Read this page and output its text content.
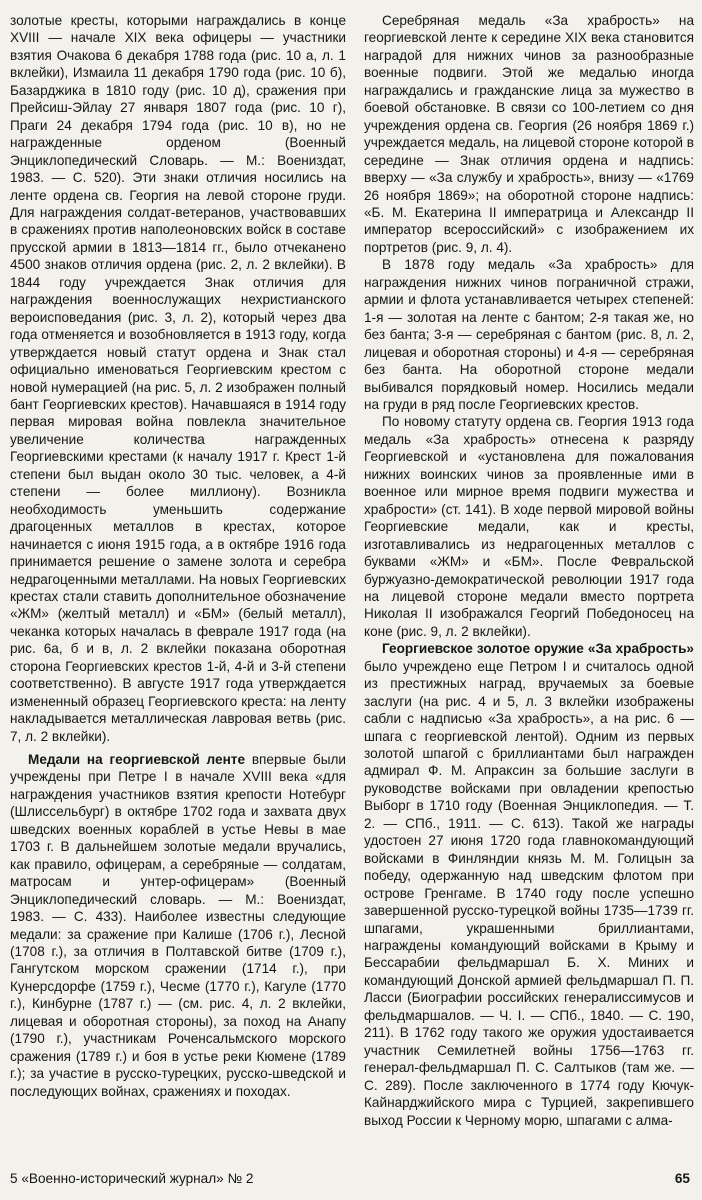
золотые кресты, которыми награждались в конце XVIII — начале XIX века офицеры — участники взятия Очакова 6 декабря 1788 года (рис. 10 а, л. 1 вклейки), Измаила 11 декабря 1790 года (рис. 10 б), Базарджика в 1810 году (рис. 10 д), сражения при Прейсиш-Эйлау 27 января 1807 года (рис. 10 г), Праги 24 декабря 1794 года (рис. 10 в), но не награжденные орденом (Военный Энциклопедический Словарь. — М.: Воениздат, 1983. — С. 520). Эти знаки отличия носились на ленте ордена св. Георгия на левой стороне груди. Для награждения солдат-ветеранов, участвовавших в сражениях против наполеоновских войск в составе прусской армии в 1813—1814 гг., было отчеканено 4500 знаков отличия ордена (рис. 2, л. 2 вклейки). В 1844 году учреждается Знак отличия для награждения военнослужащих нехристианского вероисповедания (рис. 3, л. 2), который через два года отменяется и возобновляется в 1913 году, когда утверждается новый статут ордена и Знак стал официально именоваться Георгиевским крестом с новой нумерацией (на рис. 5, л. 2 изображен полный бант Георгиевских крестов). Начавшаяся в 1914 году первая мировая война повлекла значительное увеличение количества награжденных Георгиевскими крестами (к началу 1917 г. Крест 1-й степени был выдан около 30 тыс. человек, а 4-й степени — более миллиону). Возникла необходимость уменьшить содержание драгоценных металлов в крестах, которое начинается с июня 1915 года, а в октябре 1916 года принимается решение о замене золота и серебра недрагоценными металлами. На новых Георгиевских крестах стали ставить дополнительное обозначение «ЖМ» (желтый металл) и «БМ» (белый металл), чеканка которых началась в феврале 1917 года (на рис. 6а, б и в, л. 2 вклейки показана оборотная сторона Георгиевских крестов 1-й, 4-й и 3-й степени соответственно). В августе 1917 года утверждается измененный образец Георгиевского креста: на ленту накладывается металлическая лавровая ветвь (рис. 7, л. 2 вклейки).

Медали на георгиевской ленте впервые были учреждены при Петре I в начале XVIII века «для награждения участников взятия крепости Нотебург (Шлиссельбург) в октябре 1702 года и захвата двух шведских военных кораблей в устье Невы в мае 1703 г. В дальнейшем золотые медали вручались, как правило, офицерам, а серебряные — солдатам, матросам и унтер-офицерам» (Военный Энциклопедический словарь. — М.: Воениздат, 1983. — С. 433). Наиболее известны следующие медали: за сражение при Калише (1706 г.), Лесной (1708 г.), за отличия в Полтавской битве (1709 г.), Гангутском морском сражении (1714 г.), при Кунерсдорфе (1759 г.), Чесме (1770 г.), Кагуле (1770 г.), Кинбурне (1787 г.) — (см. рис. 4, л. 2 вклейки, лицевая и оборотная стороны), за поход на Анапу (1790 г.), участникам Роченсальмского морского сражения (1789 г.) и боя в устье реки Кюмене (1789 г.); за участие в русско-турецких, русско-шведской и последующих войнах, сражениях и походах.

Серебряная медаль «За храбрость» на георгиевской ленте к середине XIX века становится наградой для нижних чинов за разнообразные военные подвиги. Этой же медалью иногда награждались и гражданские лица за мужество в боевой обстановке. В связи со 100-летием со дня учреждения ордена св. Георгия (26 ноября 1869 г.) учреждается медаль, на лицевой стороне которой в середине — Знак отличия ордена и надпись: вверху — «За службу и храбрость», внизу — «1769 26 ноября 1869»; на оборотной стороне надпись: «Б. М. Екатерина II императрица и Александр II император всероссийский» с изображением их портретов (рис. 9, л. 4).

В 1878 году медаль «За храбрость» для награждения нижних чинов пограничной стражи, армии и флота устанавливается четырех степеней: 1-я — золотая на ленте с бантом; 2-я такая же, но без банта; 3-я — серебряная с бантом (рис. 8, л. 2, лицевая и оборотная стороны) и 4-я — серебряная без банта. На оборотной стороне медали выбивался порядковый номер. Носились медали на груди в ряд после Георгиевских крестов.

По новому статуту ордена св. Георгия 1913 года медаль «За храбрость» отнесена к разряду Георгиевской и «установлена для пожалования нижних воинских чинов за проявленные ими в военное или мирное время подвиги мужества и храбрости» (ст. 141). В ходе первой мировой войны Георгиевские медали, как и кресты, изготавливались из недрагоценных металлов с буквами «ЖМ» и «БМ». После Февральской буржуазно-демократической революции 1917 года на лицевой стороне медали вместо портрета Николая II изображался Георгий Победоносец на коне (рис. 9, л. 2 вклейки).

Георгиевское золотое оружие «За храбрость» было учреждено еще Петром I и считалось одной из престижных наград, вручаемых за боевые заслуги (на рис. 4 и 5, л. 3 вклейки изображены сабли с надписью «За храбрость», а на рис. 6 — шпага с георгиевской лентой). Одним из первых золотой шпагой с бриллиантами был награжден адмирал Ф. М. Апраксин за большие заслуги в руководстве войсками при овладении крепостью Выборг в 1710 году (Военная Энциклопедия. — Т. 2. — СПб., 1911. — С. 613). Такой же награды удостоен 27 июня 1720 года главнокомандующий войсками в Финляндии князь М. М. Голицын за победу, одержанную над шведским флотом при острове Гренгаме. В 1740 году после успешно завершенной русско-турецкой войны 1735—1739 гг. шпагами, украшенными бриллиантами, награждены командующий войсками в Крыму и Бессарабии фельдмаршал Б. Х. Миних и командующий Донской армией фельдмаршал П. П. Ласси (Биографии российских генералиссимусов и фельдмаршалов. — Ч. I. — СПб., 1840. — С. 190, 211). В 1762 году такого же оружия удостаивается участник Семилетней войны 1756—1763 гг. генерал-фельдмаршал П. С. Салтыков (там же. — С. 289). После заключенного в 1774 году Кючук-Кайнарджийского мира с Турцией, закрепившего выход России к Черному морю, шпагами с алма-

5 «Военно-исторический журнал» № 2	65
